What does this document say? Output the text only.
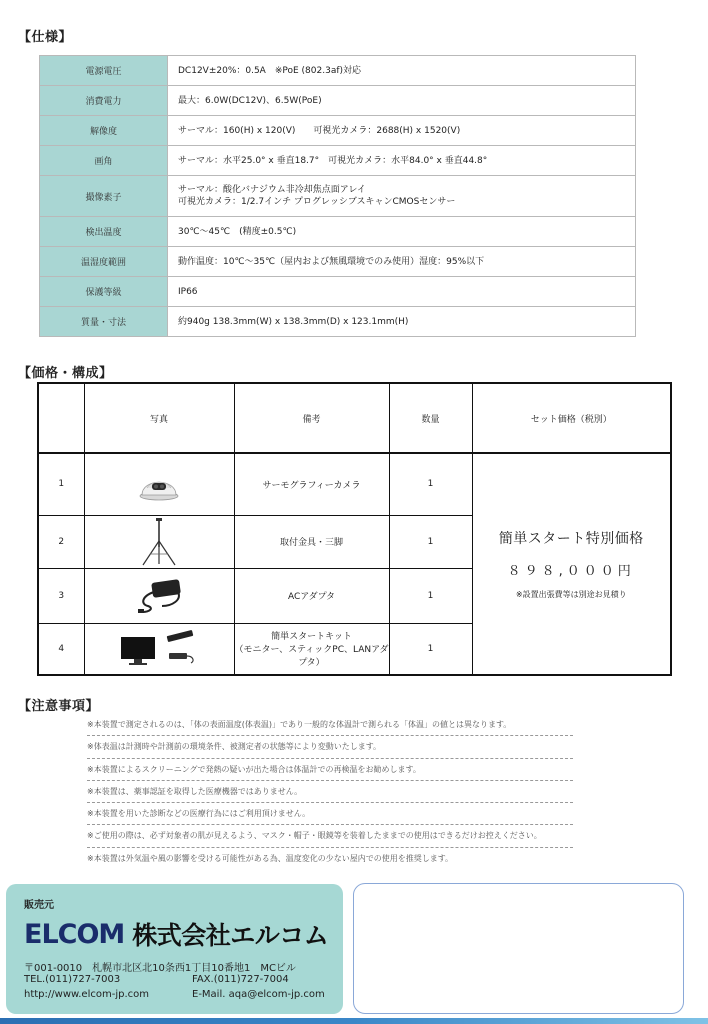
【仕様】
電源電圧	DC12V±20%：0.5A　※PoE (802.3af)対応
消費電力	最大：6.0W(DC12V)、6.5W(PoE)
解像度	サーマル：160(H) x 120(V)　　可視光カメラ：2688(H) x 1520(V)
画角	サーマル：水平25.0° x 垂直18.7°　可視光カメラ：水平84.0° x 垂直44.8°
撮像素子	サーマル：酸化バナジウム非冷却焦点面アレイ
可視光カメラ：1/2.7インチ プログレッシブスキャンCMOSセンサー

検出温度	30℃～45℃　(精度±0.5℃)
温湿度範囲	動作温度：10℃～35℃（屋内および無風環境でのみ使用）湿度：95%以下
保護等級	IP66
質量・寸法	約940g 138.3mm(W) x 138.3mm(D) x 123.1mm(H)
【価格・構成】
	写真	備考	数量	セット価格（税別）
1		サーモグラフィーカメラ	1	簡単スタート特別価格
８９８,０００円
※設置出張費等は別途お見積り

2		取付金具・三脚	1	
3		ACアダプタ	1	
4		簡単スタートキット
（モニター、スティックPC、LANアダプタ）	1	
【注意事項】
※本装置で測定されるのは、「体の表面温度(体表温)」であり一般的な体温計で測られる「体温」の値とは異なります。
※体表温は計測時や計測前の環境条件、被測定者の状態等により変動いたします。
※本装置によるスクリーニングで発熱の疑いが出た場合は体温計での再検温をお勧めします。
※本装置は、薬事認証を取得した医療機器ではありません。
※本装置を用いた診断などの医療行為にはご利用頂けません。
※ご使用の際は、必ず対象者の肌が見えるよう、マスク・帽子・眼鏡等を装着したままでの使用はできるだけお控えください。
※本装置は外気温や風の影響を受ける可能性がある為、温度変化の少ない屋内での使用を推奨します。
販売元
ELCOM 株式会社エルコム
〒001-0010　札幌市北区北10条西1丁目10番地1　MCビル
TEL.(011)727-7003	FAX.(011)727-7004
http://www.elcom-jp.com	E-Mail. aqa@elcom-jp.com
